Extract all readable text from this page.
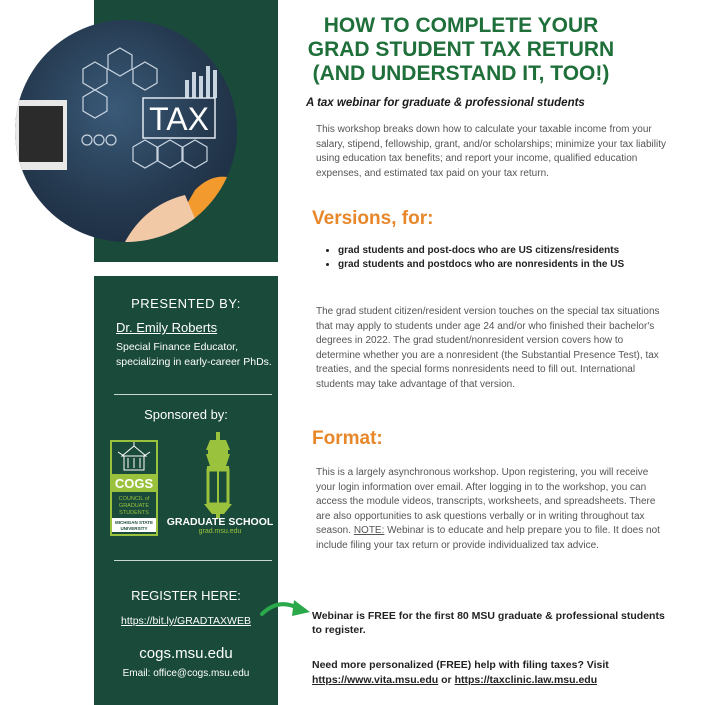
TAX
HOW TO COMPLETE YOUR
GRAD STUDENT TAX RETURN
(AND UNDERSTAND IT, TOO!)
A tax webinar for graduate & professional students
This workshop breaks down how to calculate your taxable income from your salary, stipend, fellowship, grant, and/or scholarships; minimize your tax liability using education tax benefits; and report your income, qualified education expenses, and estimated tax paid on your tax return.
Versions, for:
• grad students and post-docs who are US citizens/residents
• grad students and postdocs who are nonresidents in the US
The grad student citizen/resident version touches on the special tax situations that may apply to students under age 24 and/or who finished their bachelor's degrees in 2022. The grad student/nonresident version covers how to determine whether you are a nonresident (the Substantial Presence Test), tax treaties, and the special forms nonresidents need to fill out. International students may take advantage of that version.
Format:
This is a largely asynchronous workshop. Upon registering, you will receive your login information over email. After logging in to the workshop, you can access the module videos, transcripts, worksheets, and spreadsheets. There are also opportunities to ask questions verbally or in writing throughout tax season. NOTE: Webinar is to educate and help prepare you to file. It does not include filing your tax return or provide individualized tax advice.
Webinar is FREE for the first 80 MSU graduate & professional students to register.
Need more personalized (FREE) help with filing taxes? Visit
https://www.vita.msu.edu or https://taxclinic.law.msu.edu
PRESENTED BY:
Dr. Emily Roberts
Special Finance Educator, specializing in early-career PhDs.
Sponsored by:
COGS
COUNCIL of
GRADUATE
STUDENTS
MICHIGAN STATE
UNIVERSITY
GRADUATE SCHOOL
grad.msu.edu
REGISTER HERE:
https://bit.ly/GRADTAXWEB
cogs.msu.edu
Email: office@cogs.msu.edu
